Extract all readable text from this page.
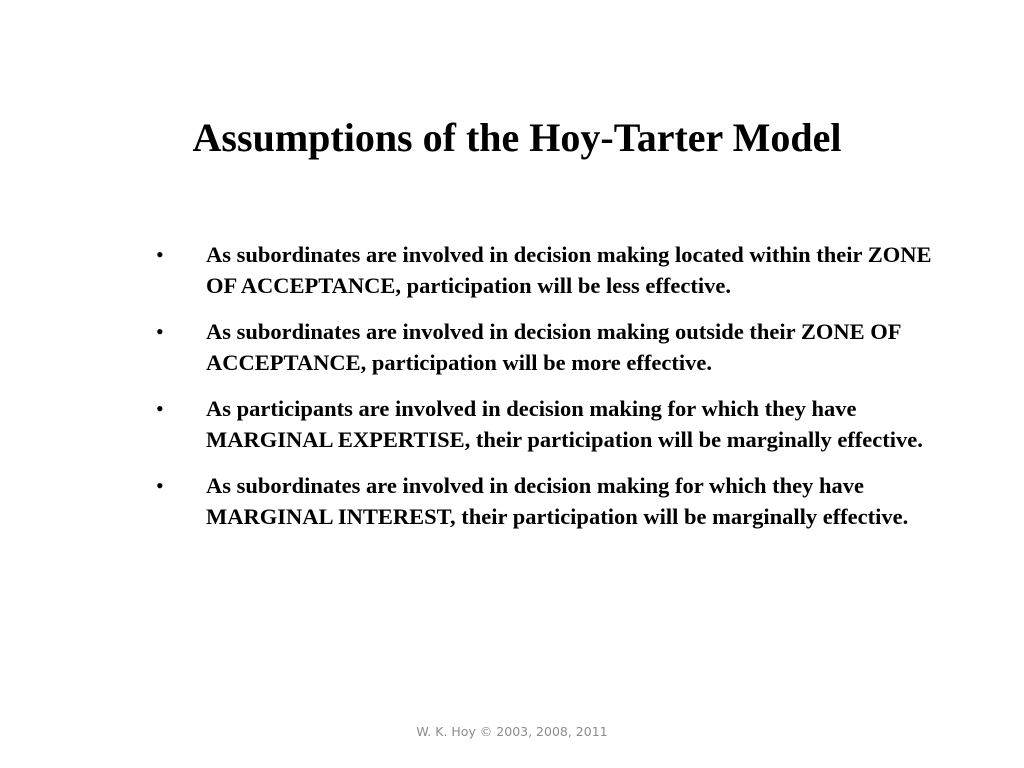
Assumptions of the Hoy-Tarter Model
• As subordinates are involved in decision making located within their ZONE OF ACCEPTANCE, participation will be less effective.
• As subordinates are involved in decision making outside their ZONE OF ACCEPTANCE, participation will be more effective.
• As participants are involved in decision making for which they have MARGINAL EXPERTISE, their participation will be marginally effective.
• As subordinates are involved in decision making for which they have MARGINAL INTEREST, their participation will be marginally effective.
W. K. Hoy © 2003, 2008, 2011
